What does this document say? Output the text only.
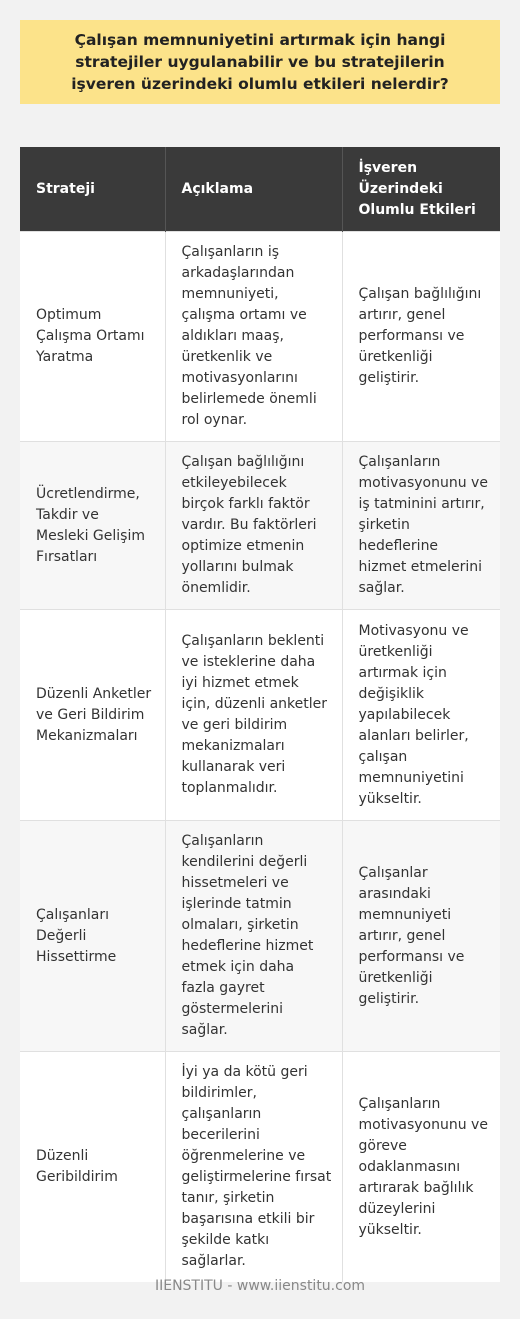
Çalışan memnuniyetini artırmak için hangi stratejiler uygulanabilir ve bu stratejilerin işveren üzerindeki olumlu etkileri nelerdir?
Strateji	Açıklama	İşveren Üzerindeki Olumlu Etkileri
Optimum Çalışma Ortamı Yaratma	Çalışanların iş arkadaşlarından memnuniyeti, çalışma ortamı ve aldıkları maaş, üretkenlik ve motivasyonlarını belirlemede önemli rol oynar.	Çalışan bağlılığını artırır, genel performansı ve üretkenliği geliştirir.
Ücretlendirme, Takdir ve Mesleki Gelişim Fırsatları	Çalışan bağlılığını etkileyebilecek birçok farklı faktör vardır. Bu faktörleri optimize etmenin yollarını bulmak önemlidir.	Çalışanların motivasyonunu ve iş tatminini artırır, şirketin hedeflerine hizmet etmelerini sağlar.
Düzenli Anketler ve Geri Bildirim Mekanizmaları	Çalışanların beklenti ve isteklerine daha iyi hizmet etmek için, düzenli anketler ve geri bildirim mekanizmaları kullanarak veri toplanmalıdır.	Motivasyonu ve üretkenliği artırmak için değişiklik yapılabilecek alanları belirler, çalışan memnuniyetini yükseltir.
Çalışanları Değerli Hissettirme	Çalışanların kendilerini değerli hissetmeleri ve işlerinde tatmin olmaları, şirketin hedeflerine hizmet etmek için daha fazla gayret göstermelerini sağlar.	Çalışanlar arasındaki memnuniyeti artırır, genel performansı ve üretkenliği geliştirir.
Düzenli Geribildirim	İyi ya da kötü geri bildirimler, çalışanların becerilerini öğrenmelerine ve geliştirmelerine fırsat tanır, şirketin başarısına etkili bir şekilde katkı sağlarlar.	Çalışanların motivasyonunu ve göreve odaklanmasını artırarak bağlılık düzeylerini yükseltir.
IIENSTITU - www.iienstitu.com
